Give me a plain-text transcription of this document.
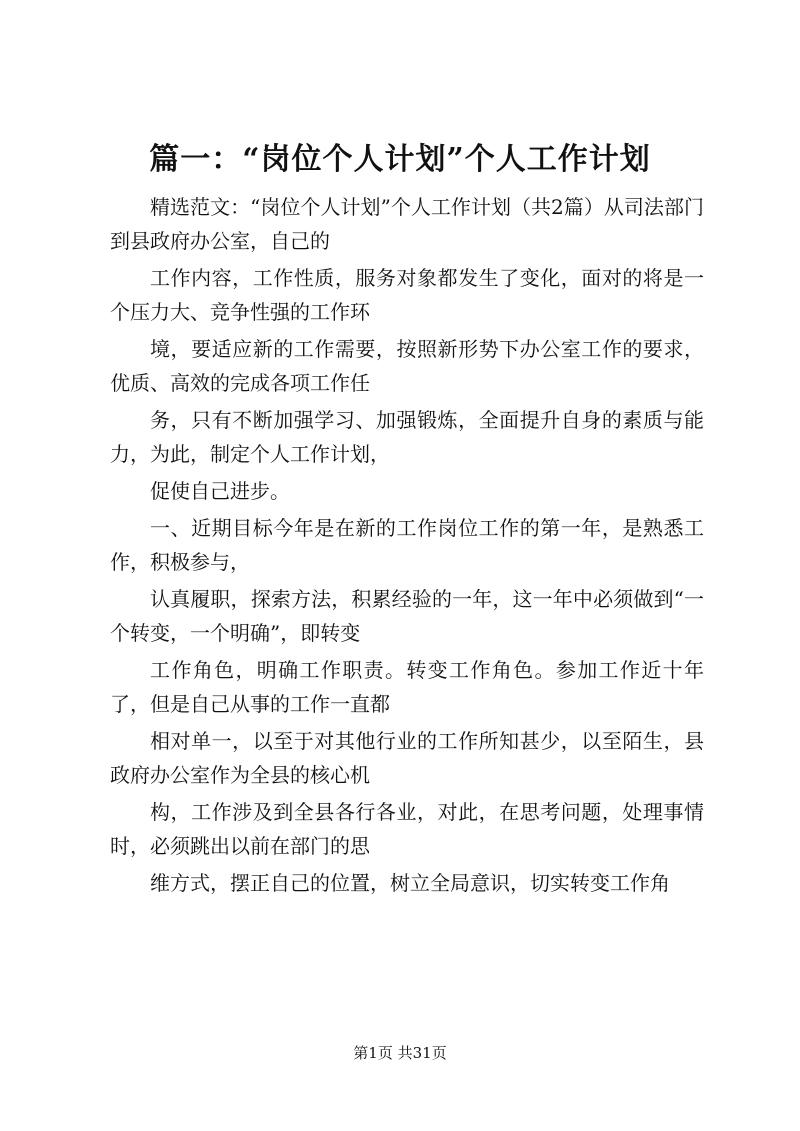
篇一：“岗位个人计划”个人工作计划

精选范文：“岗位个人计划”个人工作计划（共2篇）从司法部门到县政府办公室，自己的

工作内容，工作性质，服务对象都发生了变化，面对的将是一个压力大、竞争性强的工作环

境，要适应新的工作需要，按照新形势下办公室工作的要求，优质、高效的完成各项工作任

务，只有不断加强学习、加强锻炼，全面提升自身的素质与能力，为此，制定个人工作计划，

促使自己进步。

一、近期目标今年是在新的工作岗位工作的第一年，是熟悉工作，积极参与，

认真履职，探索方法，积累经验的一年，这一年中必须做到“一个转变，一个明确”，即转变

工作角色，明确工作职责。转变工作角色。参加工作近十年了，但是自己从事的工作一直都

相对单一，以至于对其他行业的工作所知甚少，以至陌生，县政府办公室作为全县的核心机

构，工作涉及到全县各行各业，对此，在思考问题，处理事情时，必须跳出以前在部门的思

维方式，摆正自己的位置，树立全局意识，切实转变工作角

第1页 共31页
